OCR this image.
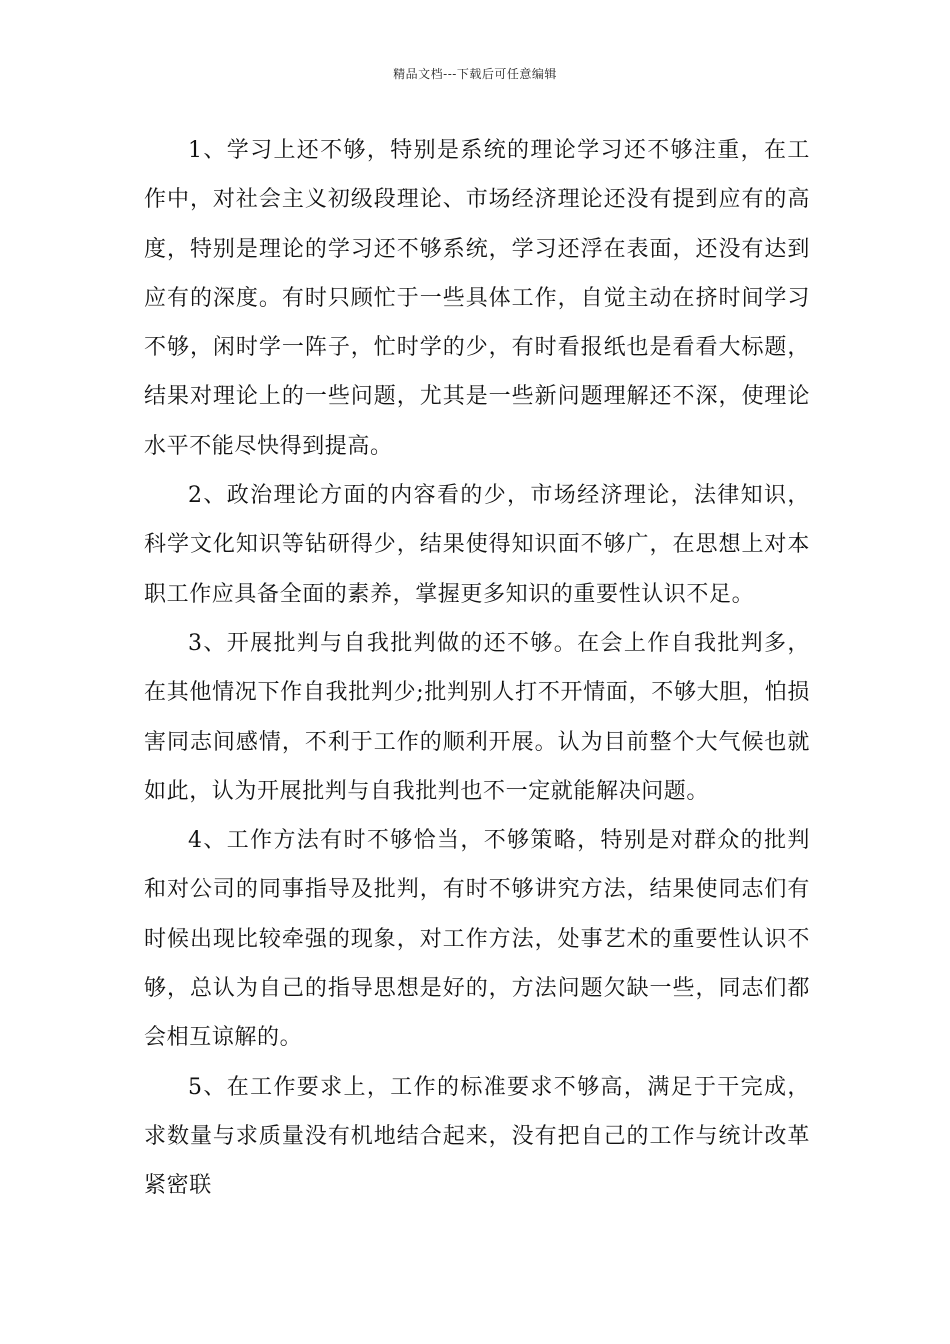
精品文档---下载后可任意编辑

1、学习上还不够，特别是系统的理论学习还不够注重，在工作中，对社会主义初级段理论、市场经济理论还没有提到应有的高度，特别是理论的学习还不够系统，学习还浮在表面，还没有达到应有的深度。有时只顾忙于一些具体工作，自觉主动在挤时间学习不够，闲时学一阵子，忙时学的少，有时看报纸也是看看大标题，结果对理论上的一些问题，尤其是一些新问题理解还不深，使理论水平不能尽快得到提高。

2、政治理论方面的内容看的少，市场经济理论，法律知识，科学文化知识等钻研得少，结果使得知识面不够广，在思想上对本职工作应具备全面的素养，掌握更多知识的重要性认识不足。

3、开展批判与自我批判做的还不够。在会上作自我批判多，在其他情况下作自我批判少;批判别人打不开情面，不够大胆，怕损害同志间感情，不利于工作的顺利开展。认为目前整个大气候也就如此，认为开展批判与自我批判也不一定就能解决问题。

4、工作方法有时不够恰当，不够策略，特别是对群众的批判和对公司的同事指导及批判，有时不够讲究方法，结果使同志们有时候出现比较牵强的现象，对工作方法，处事艺术的重要性认识不够，总认为自己的指导思想是好的，方法问题欠缺一些，同志们都会相互谅解的。

5、在工作要求上，工作的标准要求不够高，满足于干完成，求数量与求质量没有机地结合起来，没有把自己的工作与统计改革紧密联
